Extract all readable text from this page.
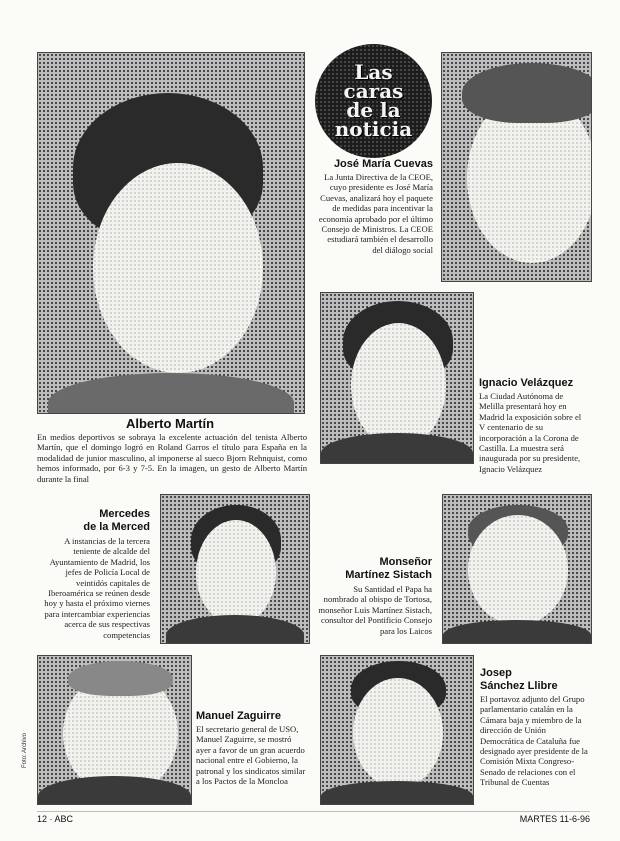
Alberto Martín
En medios deportivos se sobraya la excelente actuación del tenista Alberto Martín, que el domingo logró en Roland Garros el título para España en la modalidad de junior masculino, al imponerse al sueco Bjorn Rehnquist, como hemos informado, por 6-3 y 7-5. En la imagen, un gesto de Alberto Martín durante la final
Las
caras
de la
noticia
José María Cuevas
La Junta Directiva de la CEOE, cuyo presidente es José María Cuevas, analizará hoy el paquete de medidas para incentivar la economía aprobado por el último Consejo de Ministros. La CEOE estudiará también el desarrollo del diálogo social
Ignacio Velázquez
La Ciudad Autónoma de Melilla presentará hoy en Madrid la exposición sobre el V centenario de su incorporación a la Corona de Castilla. La muestra será inaugurada por su presidente, Ignacio Velázquez
Mercedes
de la Merced
A instancias de la tercera teniente de alcalde del Ayuntamiento de Madrid, los jefes de Policía Local de veintidós capitales de Iberoamérica se reúnen desde hoy y hasta el próximo viernes para intercambiar experiencias acerca de sus respectivas competencias
Monseñor
Martínez Sistach
Su Santidad el Papa ha nombrado al obispo de Tortosa, monseñor Luis Martínez Sistach, consultor del Pontificio Consejo para los Laicos
Foto: Archivo
Manuel Zaguirre
El secretario general de USO, Manuel Zaguirre, se mostró ayer a favor de un gran acuerdo nacional entre el Gobierno, la patronal y los sindicatos similar a los Pactos de la Moncloa
Josep
Sánchez Llibre
El portavoz adjunto del Grupo parlamentario catalán en la Cámara baja y miembro de la dirección de Unión Democrática de Cataluña fue designado ayer presidente de la Comisión Mixta Congreso-Senado de relaciones con el Tribunal de Cuentas
12 · ABC	MARTES 11-6-96
